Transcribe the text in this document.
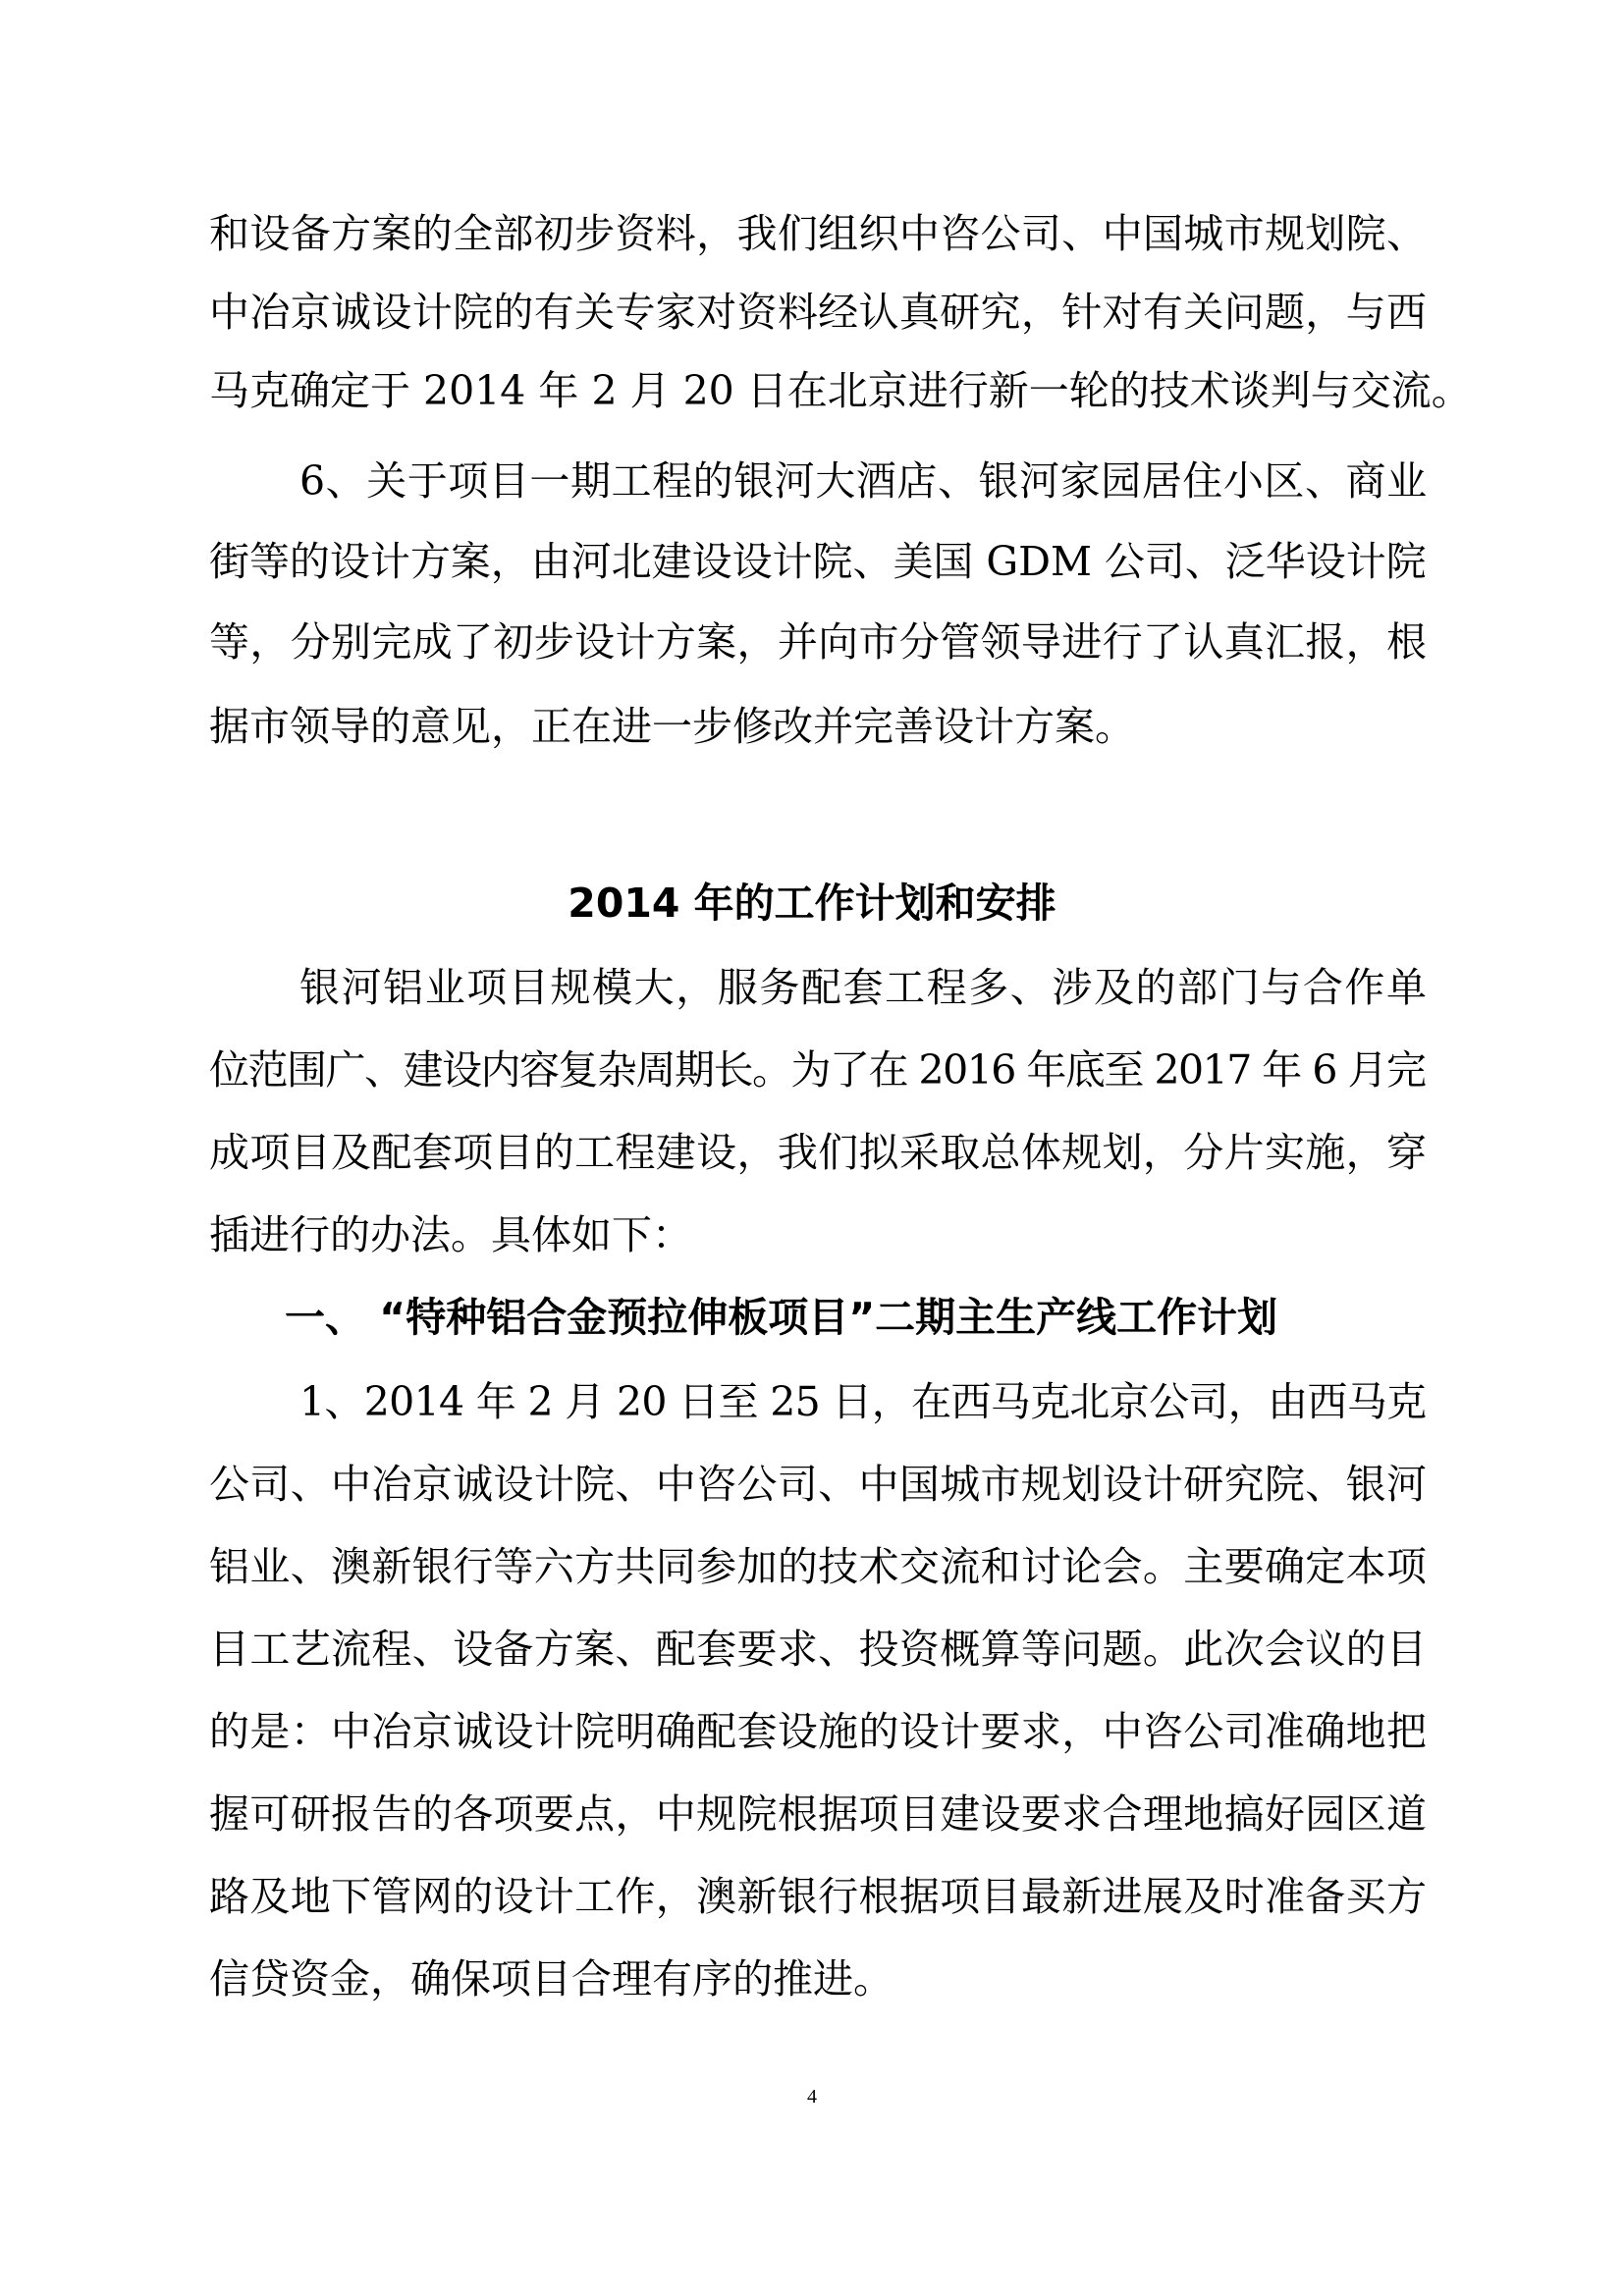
和设备方案的全部初步资料，我们组织中咨公司、中国城市规划院、
中冶京诚设计院的有关专家对资料经认真研究，针对有关问题，与西
马克确定于 2014 年 2 月 20 日在北京进行新一轮的技术谈判与交流。
6、关于项目一期工程的银河大酒店、银河家园居住小区、商业
街等的设计方案，由河北建设设计院、美国 GDM 公司、泛华设计院
等，分别完成了初步设计方案，并向市分管领导进行了认真汇报，根
据市领导的意见，正在进一步修改并完善设计方案。
2014 年的工作计划和安排
银河铝业项目规模大，服务配套工程多、涉及的部门与合作单
位范围广、建设内容复杂周期长。为了在 2016 年底至 2017 年 6 月完
成项目及配套项目的工程建设，我们拟采取总体规划，分片实施，穿
插进行的办法。具体如下：
一、 “特种铝合金预拉伸板项目”二期主生产线工作计划
1、2014 年 2 月 20 日至 25 日，在西马克北京公司，由西马克
公司、中冶京诚设计院、中咨公司、中国城市规划设计研究院、银河
铝业、澳新银行等六方共同参加的技术交流和讨论会。主要确定本项
目工艺流程、设备方案、配套要求、投资概算等问题。此次会议的目
的是：中冶京诚设计院明确配套设施的设计要求，中咨公司准确地把
握可研报告的各项要点，中规院根据项目建设要求合理地搞好园区道
路及地下管网的设计工作，澳新银行根据项目最新进展及时准备买方
信贷资金，确保项目合理有序的推进。
4
